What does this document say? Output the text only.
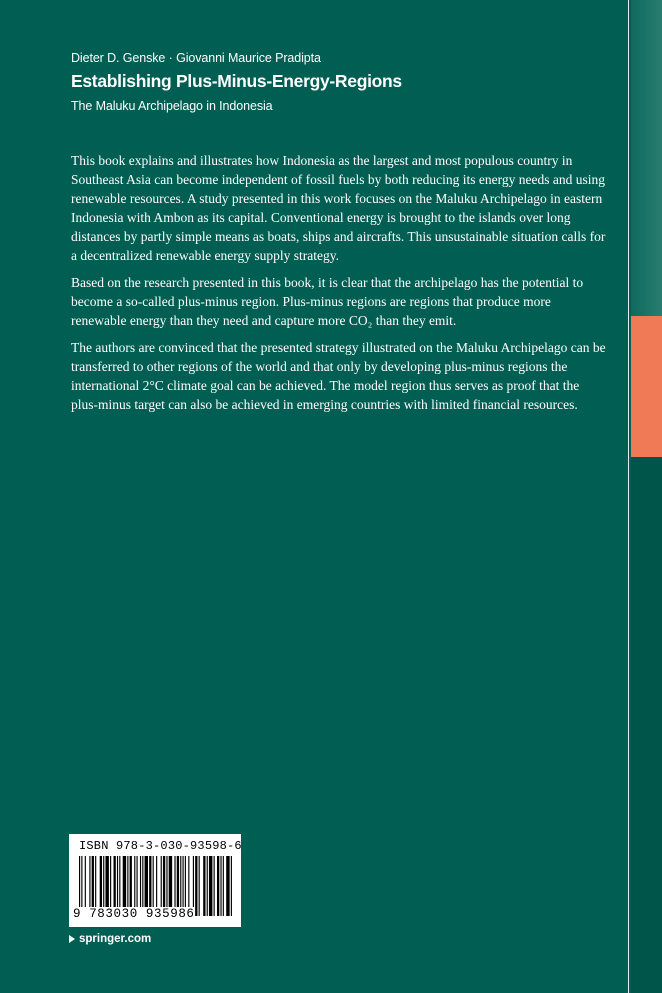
Dieter D. Genske · Giovanni Maurice Pradipta
Establishing Plus-Minus-Energy-Regions
The Maluku Archipelago in Indonesia

This book explains and illustrates how Indonesia as the largest and most populous country in Southeast Asia can become independent of fossil fuels by both reducing its energy needs and using renewable resources. A study presented in this work focuses on the Maluku Archipelago in eastern Indonesia with Ambon as its capital. Conventional energy is brought to the islands over long distances by partly simple means as boats, ships and aircrafts. This unsustainable situation calls for a decentralized renewable energy supply strategy.

Based on the research presented in this book, it is clear that the archipelago has the potential to become a so-called plus-minus region. Plus-minus regions are regions that produce more renewable energy than they need and capture more CO₂ than they emit.

The authors are convinced that the presented strategy illustrated on the Maluku Archipelago can be transferred to other regions of the world and that only by developing plus-minus regions the international 2°C climate goal can be achieved. The model region thus serves as proof that the plus-minus target can also be achieved in emerging countries with limited financial resources.

ISBN 978-3-030-93598-6
9 783030 935986
springer.com
